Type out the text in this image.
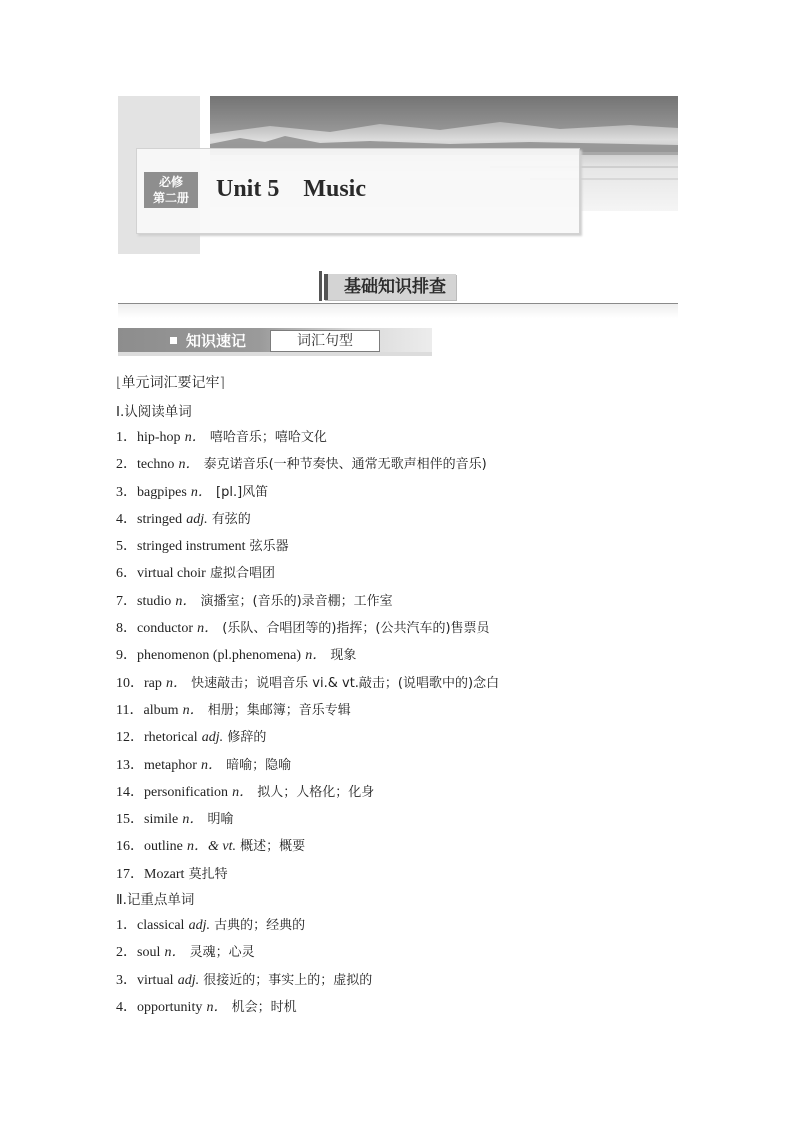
必修
第二册	Unit 5    Music
基础知识排查
知识速记	词汇句型
⌊单元词汇要记牢⌉
Ⅰ.认阅读单词
1．hip-hop n． 嘻哈音乐；嘻哈文化
2．techno n． 泰克诺音乐(一种节奏快、通常无歌声相伴的音乐)
3．bagpipes n． [pl.]风笛
4．stringed adj. 有弦的
5．stringed instrument 弦乐器
6．virtual choir 虚拟合唱团
7．studio n． 演播室；(音乐的)录音棚；工作室
8．conductor n． (乐队、合唱团等的)指挥；(公共汽车的)售票员
9．phenomenon (pl.phenomena) n． 现象
10．rap n． 快速敲击；说唱音乐 vi.& vt.敲击；(说唱歌中的)念白
11．album n． 相册；集邮簿；音乐专辑
12．rhetorical adj. 修辞的
13．metaphor n． 暗喻；隐喻
14．personification n． 拟人；人格化；化身
15．simile n． 明喻
16．outline n．& vt. 概述；概要
17．Mozart 莫扎特
Ⅱ.记重点单词
1．classical adj. 古典的；经典的
2．soul n． 灵魂；心灵
3．virtual adj. 很接近的；事实上的；虚拟的
4．opportunity n． 机会；时机
